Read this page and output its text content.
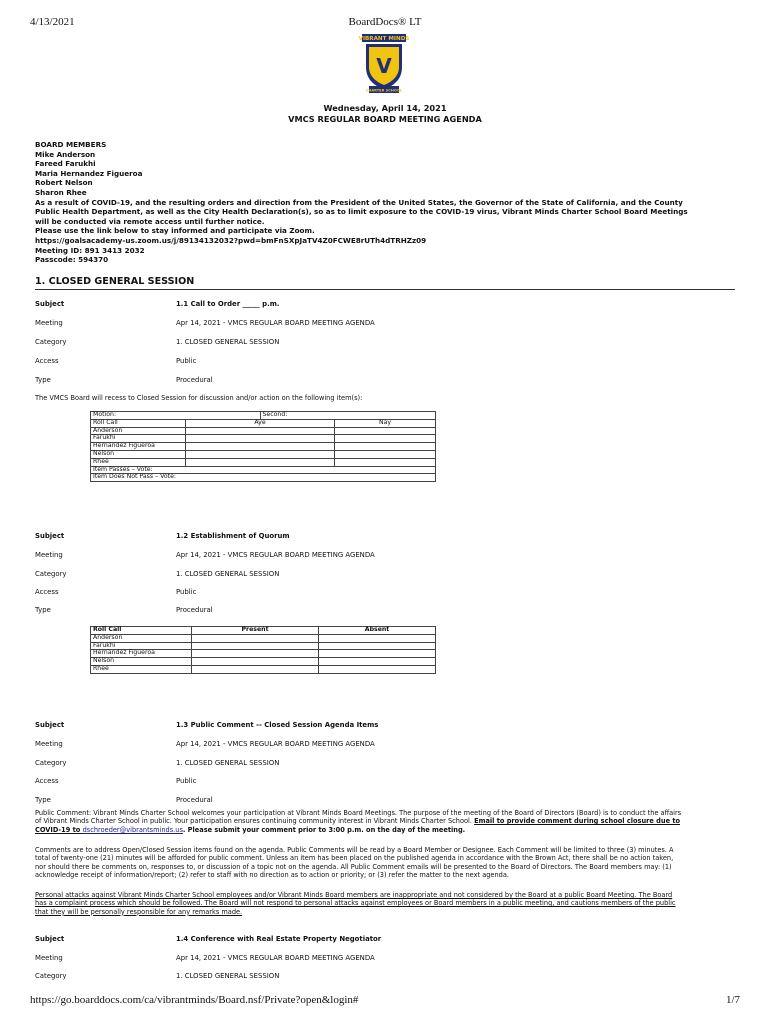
4/13/2021	BoardDocs® LT
VIBRANT MINDS
V
CHARTER SCHOOL
Wednesday, April 14, 2021
VMCS REGULAR BOARD MEETING AGENDA
BOARD MEMBERS
Mike Anderson
Fareed Farukhi
Maria Hernandez Figueroa
Robert Nelson
Sharon Rhee
As a result of COVID-19, and the resulting orders and direction from the President of the United States, the Governor of the State of California, and the County
Public Health Department, as well as the City Health Declaration(s), so as to limit exposure to the COVID-19 virus, Vibrant Minds Charter School Board Meetings
will be conducted via remote access until further notice.
Please use the link below to stay informed and participate via Zoom.
https://goalsacademy-us.zoom.us/j/89134132032?pwd=bmFnSXpJaTV4Z0FCWE8rUTh4dTRHZz09
Meeting ID: 891 3413 2032
Passcode: 594370
1. CLOSED GENERAL SESSION
Subject	1.1 Call to Order _____ p.m.
Meeting	Apr 14, 2021 - VMCS REGULAR BOARD MEETING AGENDA
Category	1. CLOSED GENERAL SESSION
Access	Public
Type	Procedural
The VMCS Board will recess to Closed Session for discussion and/or action on the following item(s):
Motion:		Second:	
Roll Call	Aye		Nay
Anderson			
Farukhi			
Hernandez Figueroa			
Nelson			
Rhee			
Item Passes – Vote:			
Item Does Not Pass – Vote:			
Subject	1.2 Establishment of Quorum
Meeting	Apr 14, 2021 - VMCS REGULAR BOARD MEETING AGENDA
Category	1. CLOSED GENERAL SESSION
Access	Public
Type	Procedural
Roll Call	Present	Absent
Anderson		
Farukhi		
Hernandez Figueroa		
Nelson		
Rhee		
Subject	1.3 Public Comment -- Closed Session Agenda Items
Meeting	Apr 14, 2021 - VMCS REGULAR BOARD MEETING AGENDA
Category	1. CLOSED GENERAL SESSION
Access	Public
Type	Procedural
Public Comment: Vibrant Minds Charter School welcomes your participation at Vibrant Minds Board Meetings. The purpose of the meeting of the Board of Directors (Board) is to conduct the affairs
of Vibrant Minds Charter School in public. Your participation ensures continuing community interest in Vibrant Minds Charter School. Email to provide comment during school closure due to
COVID-19 to dschroeder@vibrantsminds.us. Please submit your comment prior to 3:00 p.m. on the day of the meeting.
Comments are to address Open/Closed Session items found on the agenda. Public Comments will be read by a Board Member or Designee. Each Comment will be limited to three (3) minutes. A
total of twenty-one (21) minutes will be afforded for public comment. Unless an item has been placed on the published agenda in accordance with the Brown Act, there shall be no action taken,
nor should there be comments on, responses to, or discussion of a topic not on the agenda. All Public Comment emails will be presented to the Board of Directors. The Board members may: (1)
acknowledge receipt of information/report; (2) refer to staff with no direction as to action or priority; or (3) refer the matter to the next agenda.
Personal attacks against Vibrant Minds Charter School employees and/or Vibrant Minds Board members are inappropriate and not considered by the Board at a public Board Meeting. The Board
has a complaint process which should be followed. The Board will not respond to personal attacks against employees or Board members in a public meeting, and cautions members of the public
that they will be personally responsible for any remarks made.
Subject	1.4 Conference with Real Estate Property Negotiator
Meeting	Apr 14, 2021 - VMCS REGULAR BOARD MEETING AGENDA
Category	1. CLOSED GENERAL SESSION
https://go.boarddocs.com/ca/vibrantminds/Board.nsf/Private?open&login#	1/7
